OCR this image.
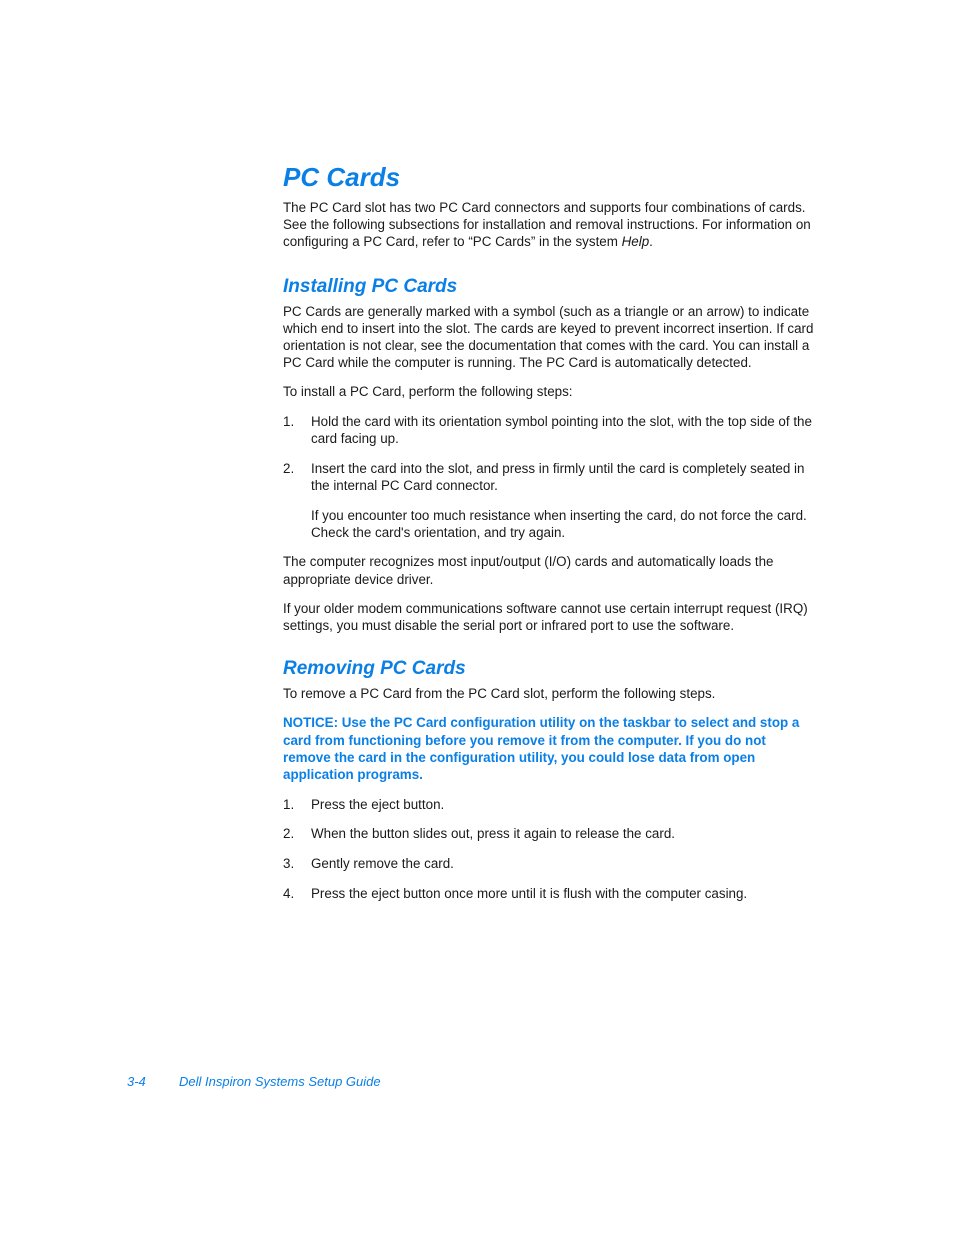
PC Cards

The PC Card slot has two PC Card connectors and supports four combinations of cards. See the following subsections for installation and removal instructions. For information on configuring a PC Card, refer to “PC Cards” in the system Help.

Installing PC Cards

PC Cards are generally marked with a symbol (such as a triangle or an arrow) to indicate which end to insert into the slot. The cards are keyed to prevent incorrect insertion. If card orientation is not clear, see the documentation that comes with the card. You can install a PC Card while the computer is running. The PC Card is automatically detected.

To install a PC Card, perform the following steps:

1. Hold the card with its orientation symbol pointing into the slot, with the top side of the card facing up.
2. Insert the card into the slot, and press in firmly until the card is completely seated in the internal PC Card connector.
If you encounter too much resistance when inserting the card, do not force the card. Check the card's orientation, and try again.

The computer recognizes most input/output (I/O) cards and automatically loads the appropriate device driver.

If your older modem communications software cannot use certain interrupt request (IRQ) settings, you must disable the serial port or infrared port to use the software.

Removing PC Cards

To remove a PC Card from the PC Card slot, perform the following steps.

NOTICE: Use the PC Card configuration utility on the taskbar to select and stop a card from functioning before you remove it from the computer. If you do not remove the card in the configuration utility, you could lose data from open application programs.

1. Press the eject button.
2. When the button slides out, press it again to release the card.
3. Gently remove the card.
4. Press the eject button once more until it is flush with the computer casing.
3-4	Dell Inspiron Systems Setup Guide
